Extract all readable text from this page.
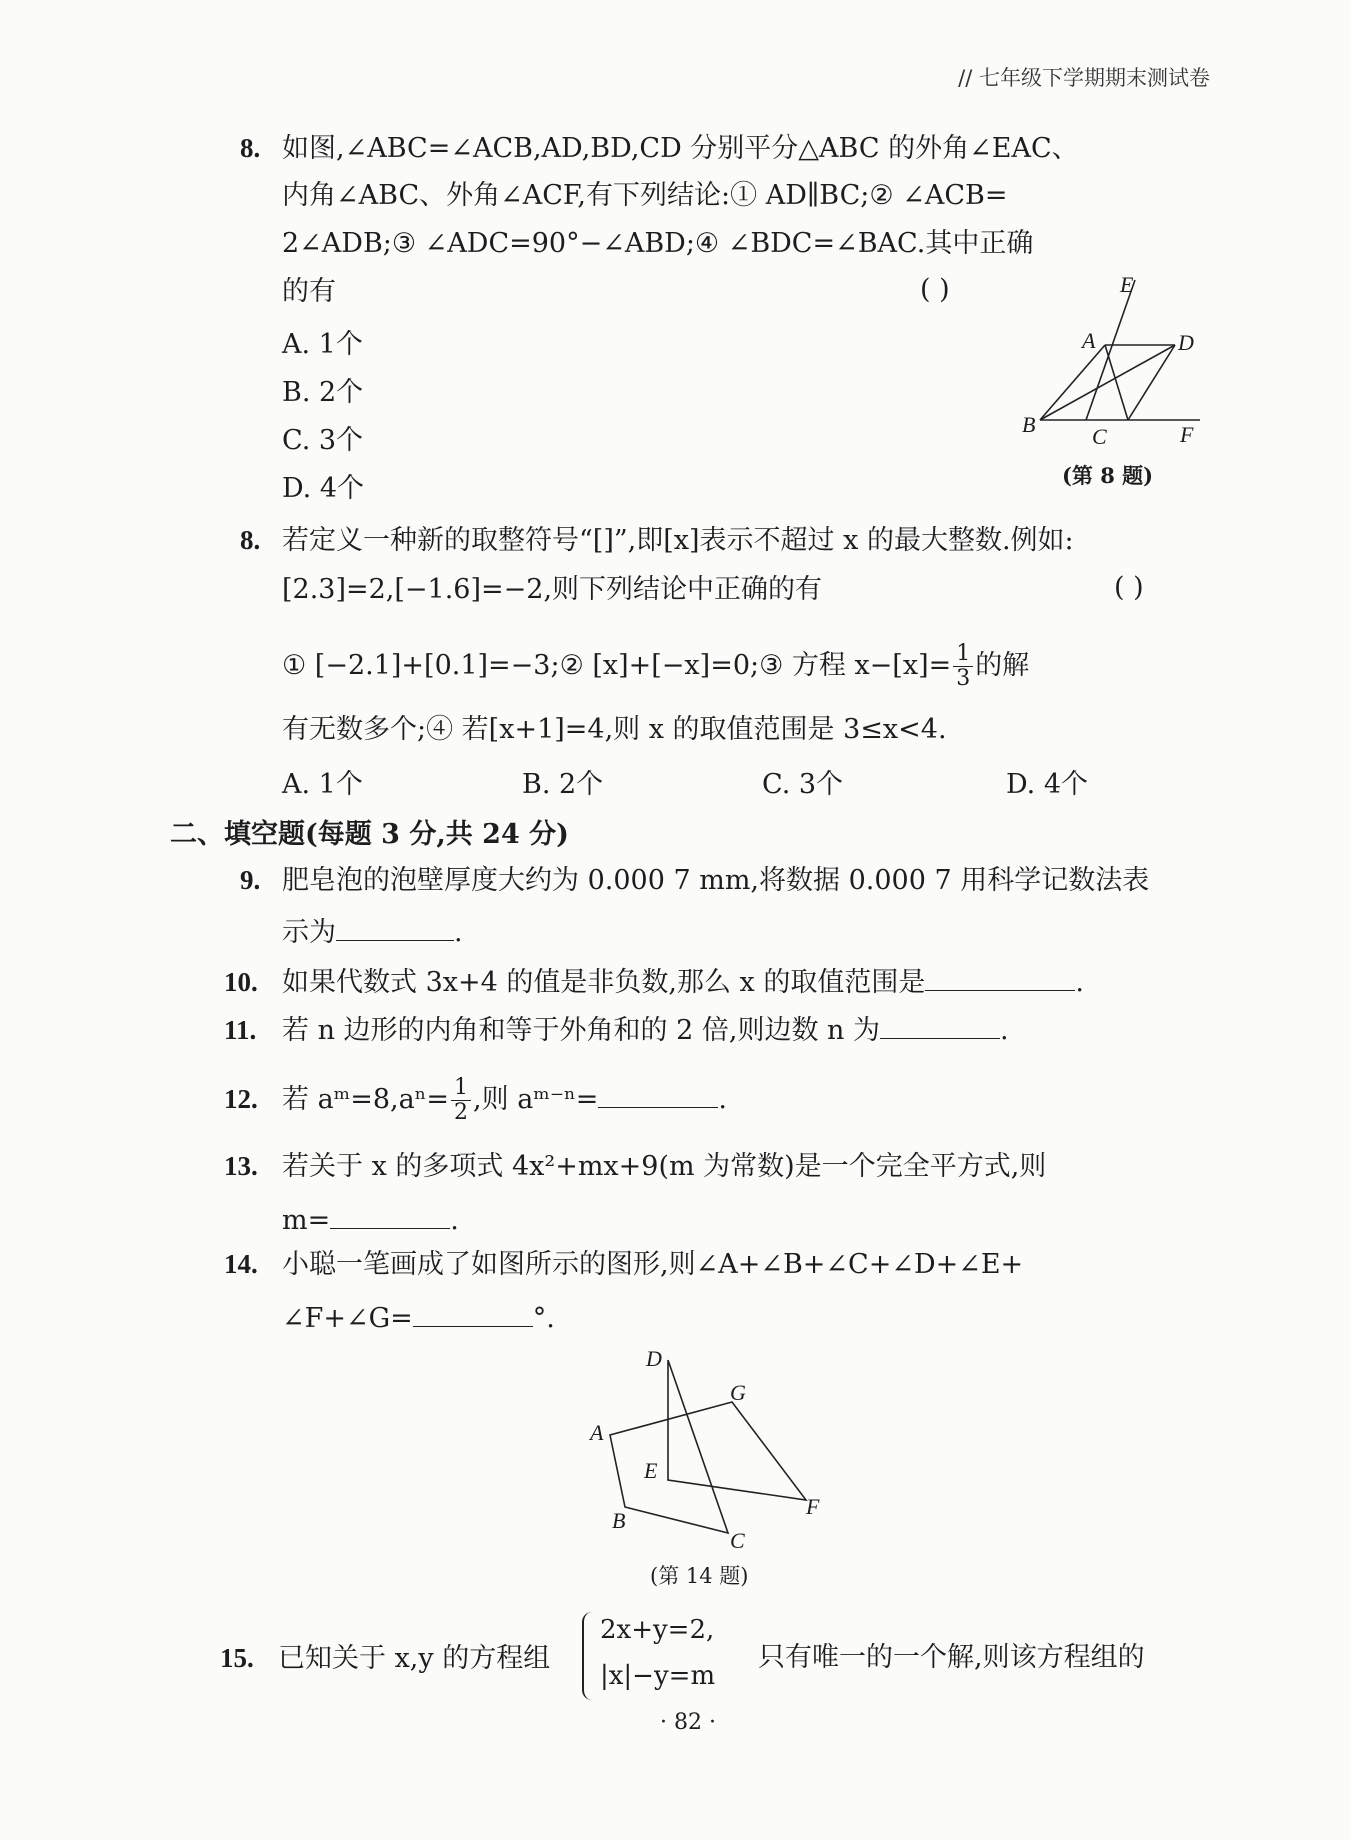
// 七年级下学期期末测试卷
8. 如图,∠ABC=∠ACB,AD,BD,CD 分别平分△ABC 的外角∠EAC、
内角∠ABC、外角∠ACF,有下列结论:① AD∥BC;② ∠ACB=
2∠ADB;③ ∠ADC=90°−∠ABD;④ ∠BDC=∠BAC.其中正确
的有	( )
A. 1个
B. 2个
C. 3个
D. 4个
E
A	D
B	C	F
(第 8 题)
8. 若定义一种新的取整符号“[]”,即[x]表示不超过 x 的最大整数.例如:
[2.3]=2,[−1.6]=−2,则下列结论中正确的有	( )
① [−2.1]+[0.1]=−3;② [x]+[−x]=0;③ 方程 $x-[x]= \frac{1}{3}$ 的解
有无数多个;④ 若[x+1]=4,则 x 的取值范围是 3≤x<4.
A. 1个	B. 2个	C. 3个	D. 4个
二、填空题(每题 3 分,共 24 分)
9. 肥皂泡的泡壁厚度大约为 0.000 7 mm,将数据 0.000 7 用科学记数法表
示为	.
10. 如果代数式 3x+4 的值是非负数,那么 x 的取值范围是	.
11. 若 n 边形的内角和等于外角和的 2 倍,则边数 n 为	.
12. 若 aᵐ=8,aⁿ= $\frac{1}{2}$ ,则 aᵐ⁻ⁿ=	.
13. 若关于 x 的多项式 4x²+mx+9(m 为常数)是一个完全平方式,则
m=	.
14. 小聪一笔画成了如图所示的图形,则∠A+∠B+∠C+∠D+∠E+
∠F+∠G=	°.
D
G
A
E
F
B
C
(第 14 题)
15. 已知关于 x,y 的方程组
2x+y=2,
|x|−y=m
只有唯一的一个解,则该方程组的
· 82 ·
